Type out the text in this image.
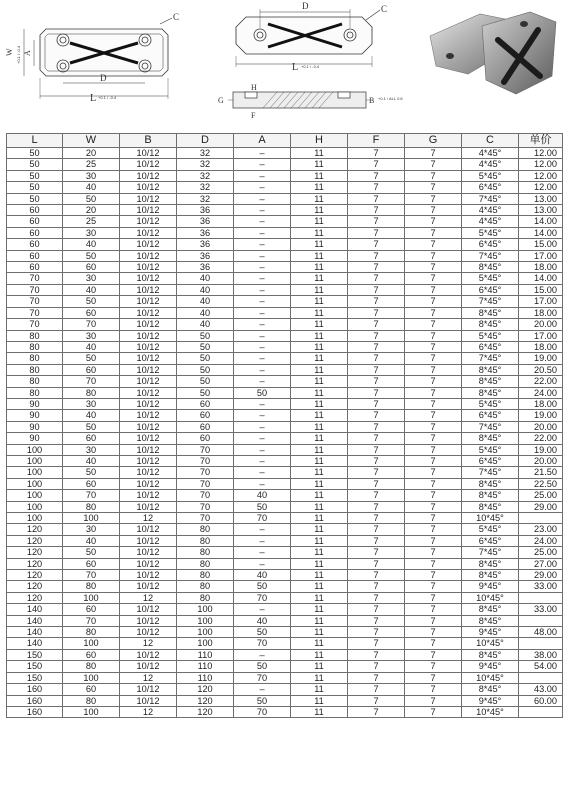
C
D
L +0.1 / -0.4
A
W +0.1 / -0.4
D	C
L +0.1 / -0.4
G
H
F
B +0.1 / ALL 0.6
L	W	B	D	A	H	F	G	C	单价
50	20	10/12	32	–	11	7	7	4*45°	12.00
50	25	10/12	32	–	11	7	7	4*45°	12.00
50	30	10/12	32	–	11	7	7	5*45°	12.00
50	40	10/12	32	–	11	7	7	6*45°	12.00
50	50	10/12	32	–	11	7	7	7*45°	13.00
60	20	10/12	36	–	11	7	7	4*45°	13.00
60	25	10/12	36	–	11	7	7	4*45°	14.00
60	30	10/12	36	–	11	7	7	5*45°	14.00
60	40	10/12	36	–	11	7	7	6*45°	15.00
60	50	10/12	36	–	11	7	7	7*45°	17.00
60	60	10/12	36	–	11	7	7	8*45°	18.00
70	30	10/12	40	–	11	7	7	5*45°	14.00
70	40	10/12	40	–	11	7	7	6*45°	15.00
70	50	10/12	40	–	11	7	7	7*45°	17.00
70	60	10/12	40	–	11	7	7	8*45°	18.00
70	70	10/12	40	–	11	7	7	8*45°	20.00
80	30	10/12	50	–	11	7	7	5*45°	17.00
80	40	10/12	50	–	11	7	7	6*45°	18.00
80	50	10/12	50	–	11	7	7	7*45°	19.00
80	60	10/12	50	–	11	7	7	8*45°	20.50
80	70	10/12	50	–	11	7	7	8*45°	22.00
80	80	10/12	50	50	11	7	7	8*45°	24.00
90	30	10/12	60	–	11	7	7	5*45°	18.00
90	40	10/12	60	–	11	7	7	6*45°	19.00
90	50	10/12	60	–	11	7	7	7*45°	20.00
90	60	10/12	60	–	11	7	7	8*45°	22.00
100	30	10/12	70	–	11	7	7	5*45°	19.00
100	40	10/12	70	–	11	7	7	6*45°	20.00
100	50	10/12	70	–	11	7	7	7*45°	21.50
100	60	10/12	70	–	11	7	7	8*45°	22.50
100	70	10/12	70	40	11	7	7	8*45°	25.00
100	80	10/12	70	50	11	7	7	8*45°	29.00
100	100	12	70	70	11	7	7	10*45°	
120	30	10/12	80	–	11	7	7	5*45°	23.00
120	40	10/12	80	–	11	7	7	6*45°	24.00
120	50	10/12	80	–	11	7	7	7*45°	25.00
120	60	10/12	80	–	11	7	7	8*45°	27.00
120	70	10/12	80	40	11	7	7	8*45°	29.00
120	80	10/12	80	50	11	7	7	9*45°	33.00
120	100	12	80	70	11	7	7	10*45°	
140	60	10/12	100	–	11	7	7	8*45°	33.00
140	70	10/12	100	40	11	7	7	8*45°	
140	80	10/12	100	50	11	7	7	9*45°	48.00
140	100	12	100	70	11	7	7	10*45°	
150	60	10/12	110	–	11	7	7	8*45°	38.00
150	80	10/12	110	50	11	7	7	9*45°	54.00
150	100	12	110	70	11	7	7	10*45°	
160	60	10/12	120	–	11	7	7	8*45°	43.00
160	80	10/12	120	50	11	7	7	9*45°	60.00
160	100	12	120	70	11	7	7	10*45°	
